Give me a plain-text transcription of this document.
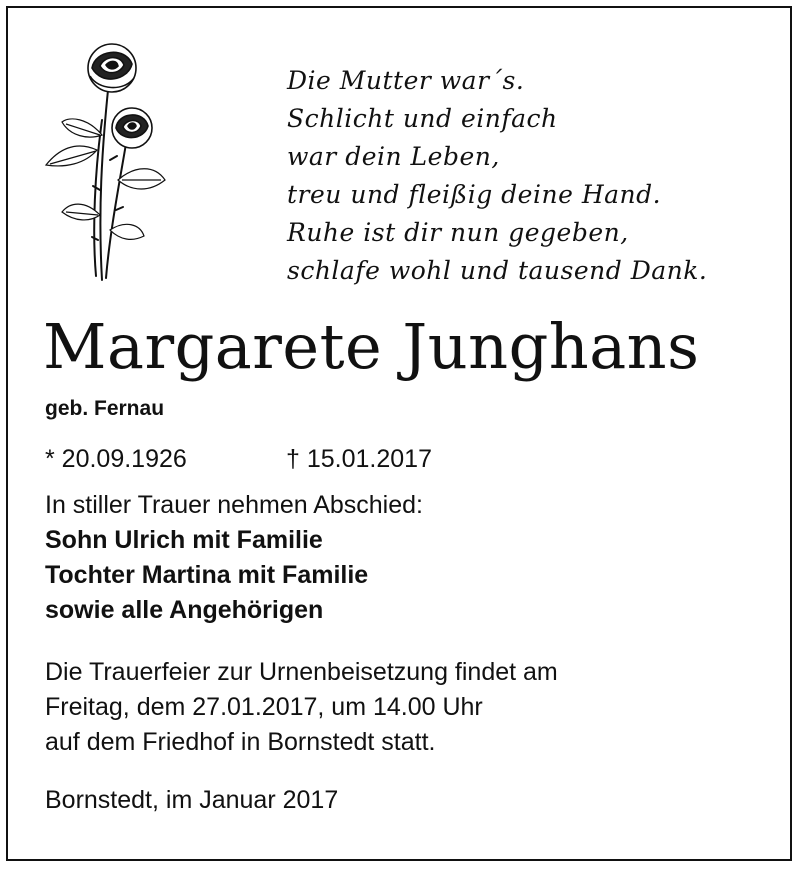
Die Mutter war´s.
Schlicht und einfach
war dein Leben,
treu und fleißig deine Hand.
Ruhe ist dir nun gegeben,
schlafe wohl und tausend Dank.
Margarete Junghans
geb. Fernau
* 20.09.1926	† 15.01.2017
In stiller Trauer nehmen Abschied:
Sohn Ulrich mit Familie
Tochter Martina mit Familie
sowie alle Angehörigen
Die Trauerfeier zur Urnenbeisetzung findet am
Freitag, dem 27.01.2017, um 14.00 Uhr
auf dem Friedhof in Bornstedt statt.
Bornstedt, im Januar 2017
